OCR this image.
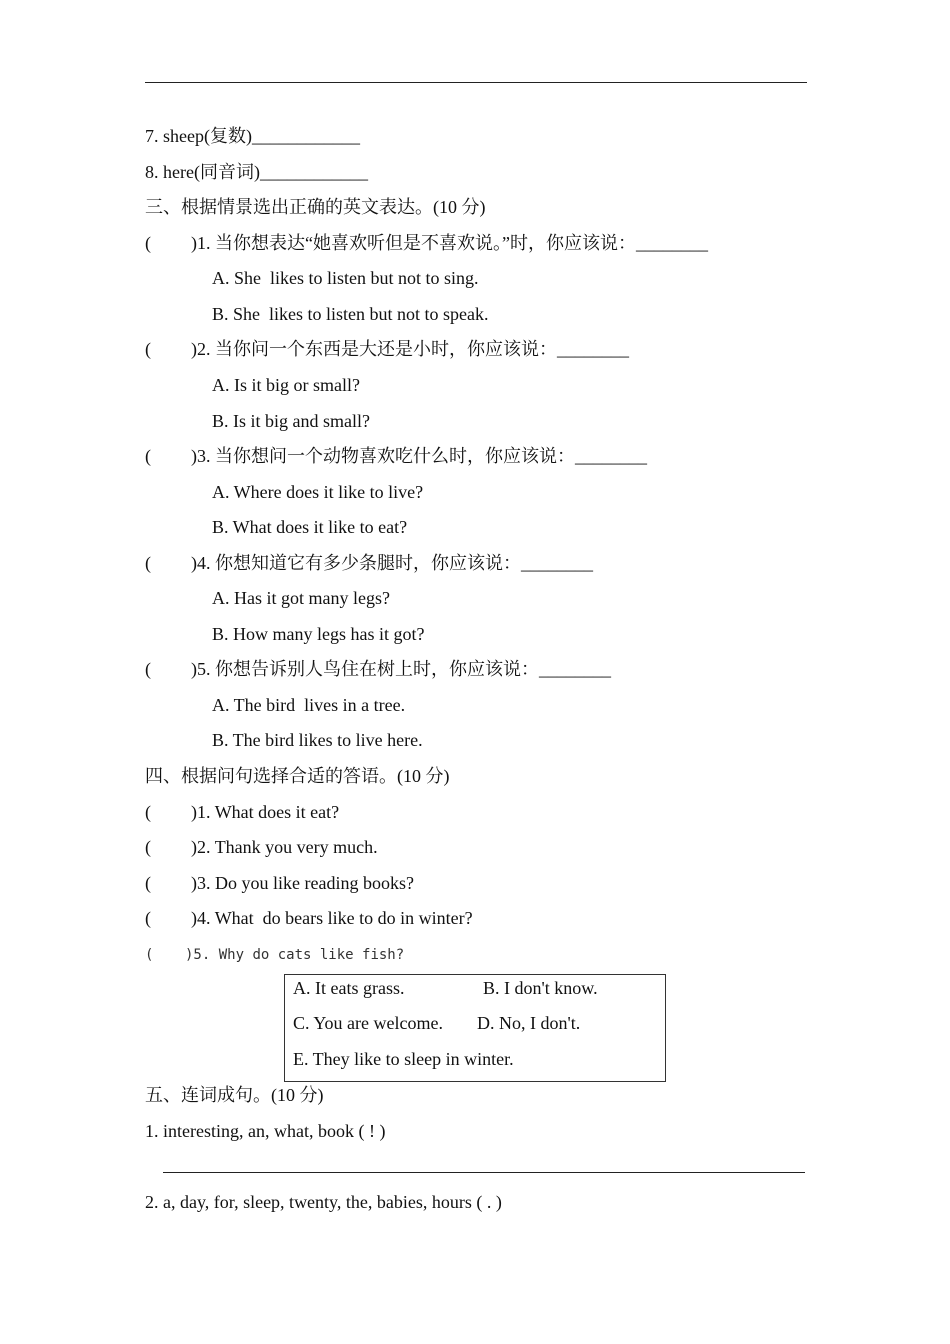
7. sheep(复数)____________
8. here(同音词)____________
三、根据情景选出正确的英文表达。(10 分)
( )1. 当你想表达“她喜欢听但是不喜欢说。”时，你应该说：________
A. She  likes to listen but not to sing.
B. She  likes to listen but not to speak.
( )2. 当你问一个东西是大还是小时，你应该说：________
A. Is it big or small?
B. Is it big and small?
( )3. 当你想问一个动物喜欢吃什么时，你应该说：________
A. Where does it like to live?
B. What does it like to eat?
( )4. 你想知道它有多少条腿时，你应该说：________
A. Has it got many legs?
B. How many legs has it got?
( )5. 你想告诉别人鸟住在树上时，你应该说：________
A. The bird  lives in a tree.
B. The bird likes to live here.
四、根据问句选择合适的答语。(10 分)
( )1. What does it eat?
( )2. Thank you very much.
( )3. Do you like reading books?
( )4. What  do bears like to do in winter?
( )5. Why do cats like fish?
A. It eats grass.	B. I don't know.
C. You are welcome. D. No, I don't.
E. They like to sleep in winter.
五、连词成句。(10 分)
1. interesting, an, what, book ( ! )
2. a, day, for, sleep, twenty, the, babies, hours ( . )
